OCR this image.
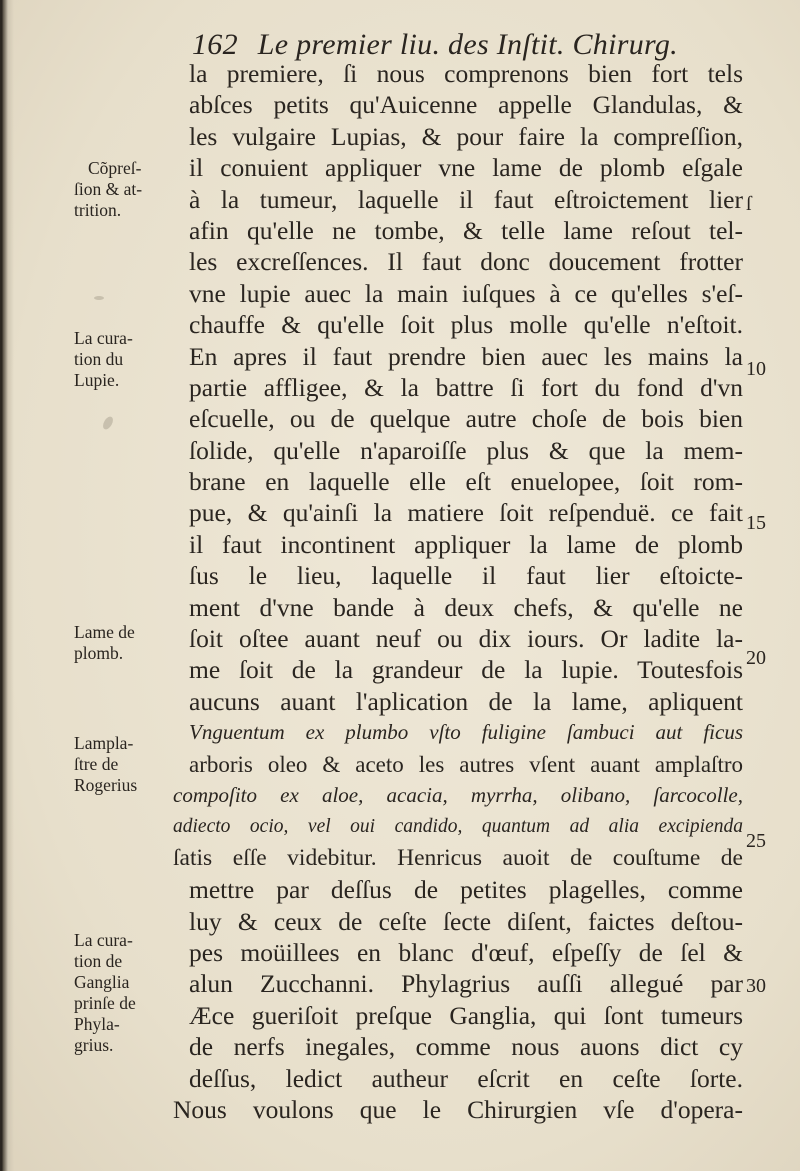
162 Le premier liu. des Inſtit. Chirurg.
la premiere, ſi nous comprenons bien fort tels
abſces petits qu'Auicenne appelle Glandulas, &
les vulgaire Lupias, & pour faire la compreſſion,
il conuient appliquer vne lame de plomb eſgale
à la tumeur, laquelle il faut eſtroictement lier
afin qu'elle ne tombe, & telle lame reſout tel-
les excreſſences. Il faut donc doucement frotter
vne lupie auec la main iuſques à ce qu'elles s'eſ-
chauffe & qu'elle ſoit plus molle qu'elle n'eſtoit.
En apres il faut prendre bien auec les mains la
partie affligee, & la battre ſi fort du fond d'vn
eſcuelle, ou de quelque autre choſe de bois bien
ſolide, qu'elle n'aparoiſſe plus & que la mem-
brane en laquelle elle eſt enuelopee, ſoit rom-
pue, & qu'ainſi la matiere ſoit reſpenduë. ce fait
il faut incontinent appliquer la lame de plomb
ſus le lieu, laquelle il faut lier eſtoicte-
ment d'vne bande à deux chefs, & qu'elle ne
ſoit oſtee auant neuf ou dix iours. Or ladite la-
me ſoit de la grandeur de la lupie. Toutesfois
aucuns auant l'aplication de la lame, apliquent
Vnguentum ex plumbo vſto fuligine ſambuci aut ficus
arboris oleo & aceto les autres vſent auant amplaſtro
compoſito ex aloe, acacia, myrrha, olibano, ſarcocolle,
adiecto ocio, vel oui candido, quantum ad alia excipienda
ſatis eſſe videbitur. Henricus auoit de couſtume de
mettre par deſſus de petites plagelles, comme
luy & ceux de ceſte ſecte diſent, faictes deſtou-
pes moüillees en blanc d'œuf, eſpeſſy de ſel &
alun Zucchanni. Phylagrius auſſi allegué par
Æce gueriſoit preſque Ganglia, qui ſont tumeurs
de nerfs inegales, comme nous auons dict cy
deſſus, ledict autheur eſcrit en ceſte ſorte.
Nous voulons que le Chirurgien vſe d'opera-
Cõpreſ-
ſion & at-
trition.
La cura-
tion du
Lupie.
Lame de
plomb.
Lampla-
ſtre de
Rogerius
La cura-
tion de
Ganglia
prinſe de
Phyla-
grius.
ſ
10
15
20
25
30
